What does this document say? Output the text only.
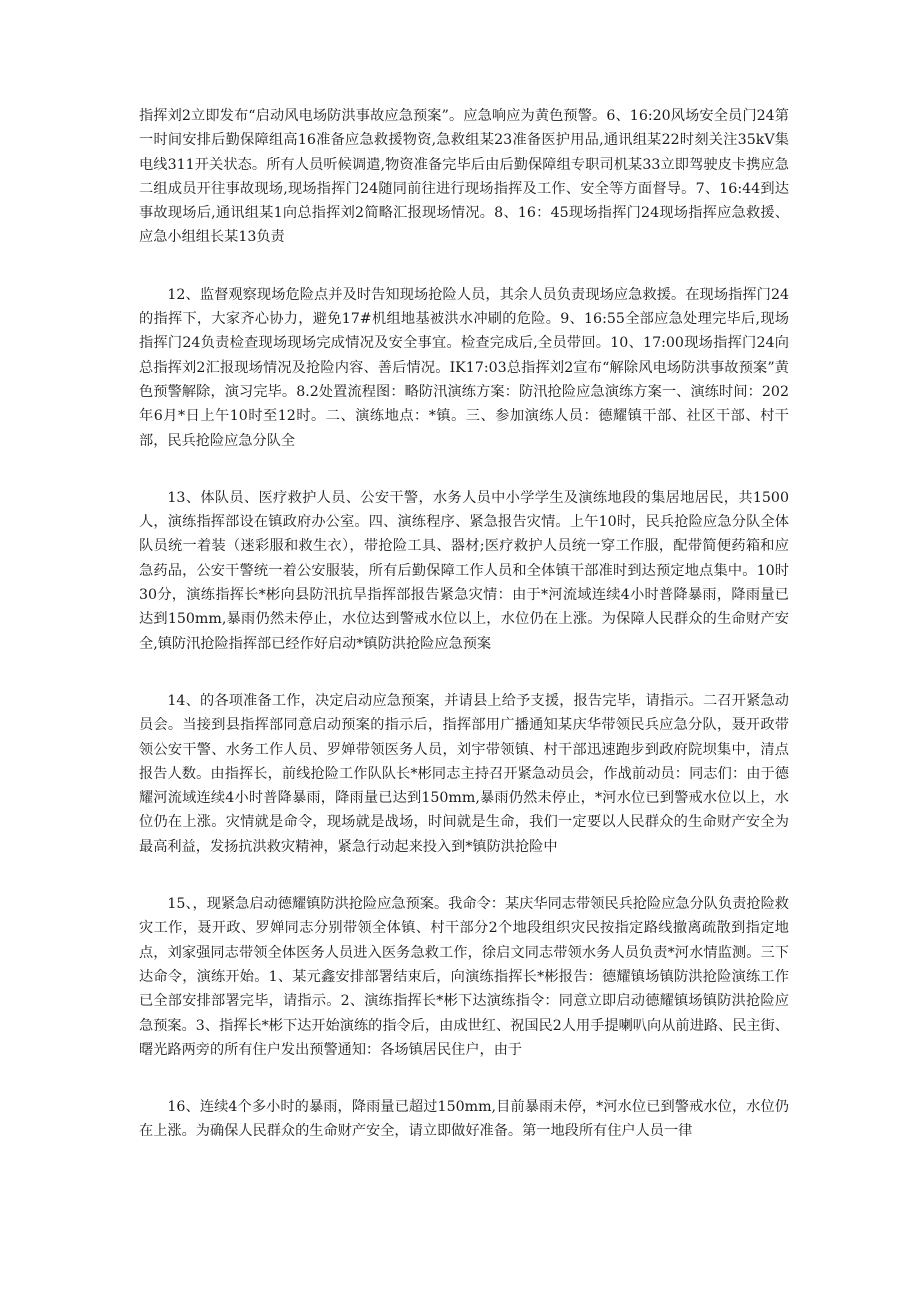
指挥刘2立即发布“启动风电场防洪事故应急预案”。应急响应为黄色预警。6、16:20风场安全员门24第一时间安排后勤保障组高16准备应急救援物资,急救组某23准备医护用品,通讯组某22时刻关注35kV集电线311开关状态。所有人员听候调遣,物资准备完毕后由后勤保障组专职司机某33立即驾驶皮卡携应急二组成员开往事故现场,现场指挥门24随同前往进行现场指挥及工作、安全等方面督导。7、16:44到达事故现场后,通讯组某1向总指挥刘2简略汇报现场情况。8、16：45现场指挥门24现场指挥应急救援、应急小组组长某13负责

12、监督观察现场危险点并及时告知现场抢险人员，其余人员负责现场应急救援。在现场指挥门24的指挥下，大家齐心协力，避免17#机组地基被洪水冲刷的危险。9、16:55全部应急处理完毕后,现场指挥门24负责检查现场现场完成情况及安全事宜。检查完成后,全员带回。10、17:00现场指挥门24向总指挥刘2汇报现场情况及抢险内容、善后情况。IK17:03总指挥刘2宣布“解除风电场防洪事故预案”黄色预警解除，演习完毕。8.2处置流程图：略防汛演练方案：防汛抢险应急演练方案一、演练时间：202年6月*日上午10时至12时。二、演练地点：*镇。三、参加演练人员：德耀镇干部、社区干部、村干部，民兵抢险应急分队全

13、体队员、医疗救护人员、公安干警，水务人员中小学学生及演练地段的集居地居民，共1500人，演练指挥部设在镇政府办公室。四、演练程序、紧急报告灾情。上午10时，民兵抢险应急分队全体队员统一着装（迷彩服和救生衣），带抢险工具、器材;医疗救护人员统一穿工作服，配带简便药箱和应急药品，公安干警统一着公安服装，所有后勤保障工作人员和全体镇干部准时到达预定地点集中。10时30分，演练指挥长*彬向县防汛抗旱指挥部报告紧急灾情：由于*河流域连续4小时普降暴雨，降雨量已达到150mm,暴雨仍然未停止，水位达到警戒水位以上，水位仍在上涨。为保障人民群众的生命财产安全,镇防汛抢险指挥部已经作好启动*镇防洪抢险应急预案

14、的各项准备工作，决定启动应急预案，并请县上给予支援，报告完毕，请指示。二召开紧急动员会。当接到县指挥部同意启动预案的指示后，指挥部用广播通知某庆华带领民兵应急分队，聂开政带领公安干警、水务工作人员、罗婵带领医务人员，刘宇带领镇、村干部迅速跑步到政府院坝集中，清点报告人数。由指挥长，前线抢险工作队队长*彬同志主持召开紧急动员会，作战前动员：同志们：由于德耀河流域连续4小时普降暴雨，降雨量已达到150mm,暴雨仍然未停止，*河水位已到警戒水位以上，水位仍在上涨。灾情就是命令，现场就是战场，时间就是生命，我们一定要以人民群众的生命财产安全为最高利益，发扬抗洪救灾精神，紧急行动起来投入到*镇防洪抢险中

15、，现紧急启动德耀镇防洪抢险应急预案。我命令：某庆华同志带领民兵抢险应急分队负责抢险救灾工作，聂开政、罗婵同志分别带领全体镇、村干部分2个地段组织灾民按指定路线撤离疏散到指定地点，刘家强同志带领全体医务人员进入医务急救工作，徐启文同志带领水务人员负责*河水情监测。三下达命令，演练开始。1、某元鑫安排部署结束后，向演练指挥长*彬报告：德耀镇场镇防洪抢险演练工作已全部安排部署完毕，请指示。2、演练指挥长*彬下达演练指令：同意立即启动德耀镇场镇防洪抢险应急预案。3、指挥长*彬下达开始演练的指令后，由成世红、祝国民2人用手提喇叭向从前进路、民主街、曙光路两旁的所有住户发出预警通知：各场镇居民住户，由于

16、连续4个多小时的暴雨，降雨量已超过150mm,目前暴雨未停，*河水位已到警戒水位，水位仍在上涨。为确保人民群众的生命财产安全，请立即做好准备。第一地段所有住户人员一律
